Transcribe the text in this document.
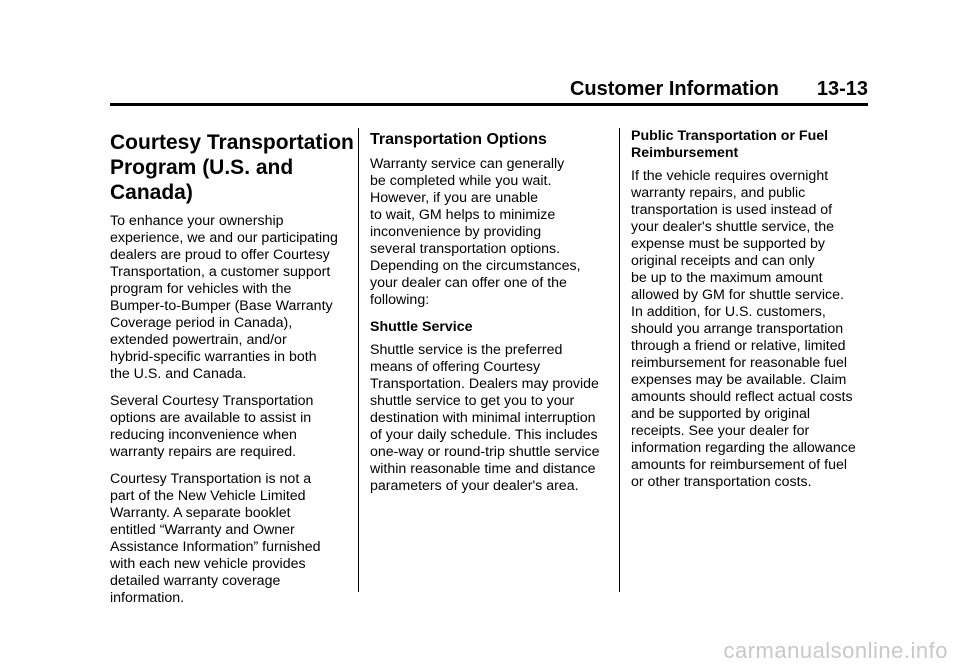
Customer Information 13-13
Courtesy Transportation
Program (U.S. and
Canada)

To enhance your ownership
experience, we and our participating
dealers are proud to offer Courtesy
Transportation, a customer support
program for vehicles with the
Bumper-to-Bumper (Base Warranty
Coverage period in Canada),
extended powertrain, and/or
hybrid-specific warranties in both
the U.S. and Canada.

Several Courtesy Transportation
options are available to assist in
reducing inconvenience when
warranty repairs are required.

Courtesy Transportation is not a
part of the New Vehicle Limited
Warranty. A separate booklet
entitled “Warranty and Owner
Assistance Information” furnished
with each new vehicle provides
detailed warranty coverage
information.

Transportation Options

Warranty service can generally
be completed while you wait.
However, if you are unable
to wait, GM helps to minimize
inconvenience by providing
several transportation options.
Depending on the circumstances,
your dealer can offer one of the
following:

Shuttle Service

Shuttle service is the preferred
means of offering Courtesy
Transportation. Dealers may provide
shuttle service to get you to your
destination with minimal interruption
of your daily schedule. This includes
one-way or round-trip shuttle service
within reasonable time and distance
parameters of your dealer's area.

Public Transportation or Fuel
Reimbursement

If the vehicle requires overnight
warranty repairs, and public
transportation is used instead of
your dealer's shuttle service, the
expense must be supported by
original receipts and can only
be up to the maximum amount
allowed by GM for shuttle service.
In addition, for U.S. customers,
should you arrange transportation
through a friend or relative, limited
reimbursement for reasonable fuel
expenses may be available. Claim
amounts should reflect actual costs
and be supported by original
receipts. See your dealer for
information regarding the allowance
amounts for reimbursement of fuel
or other transportation costs.

carmanualsonline.info
